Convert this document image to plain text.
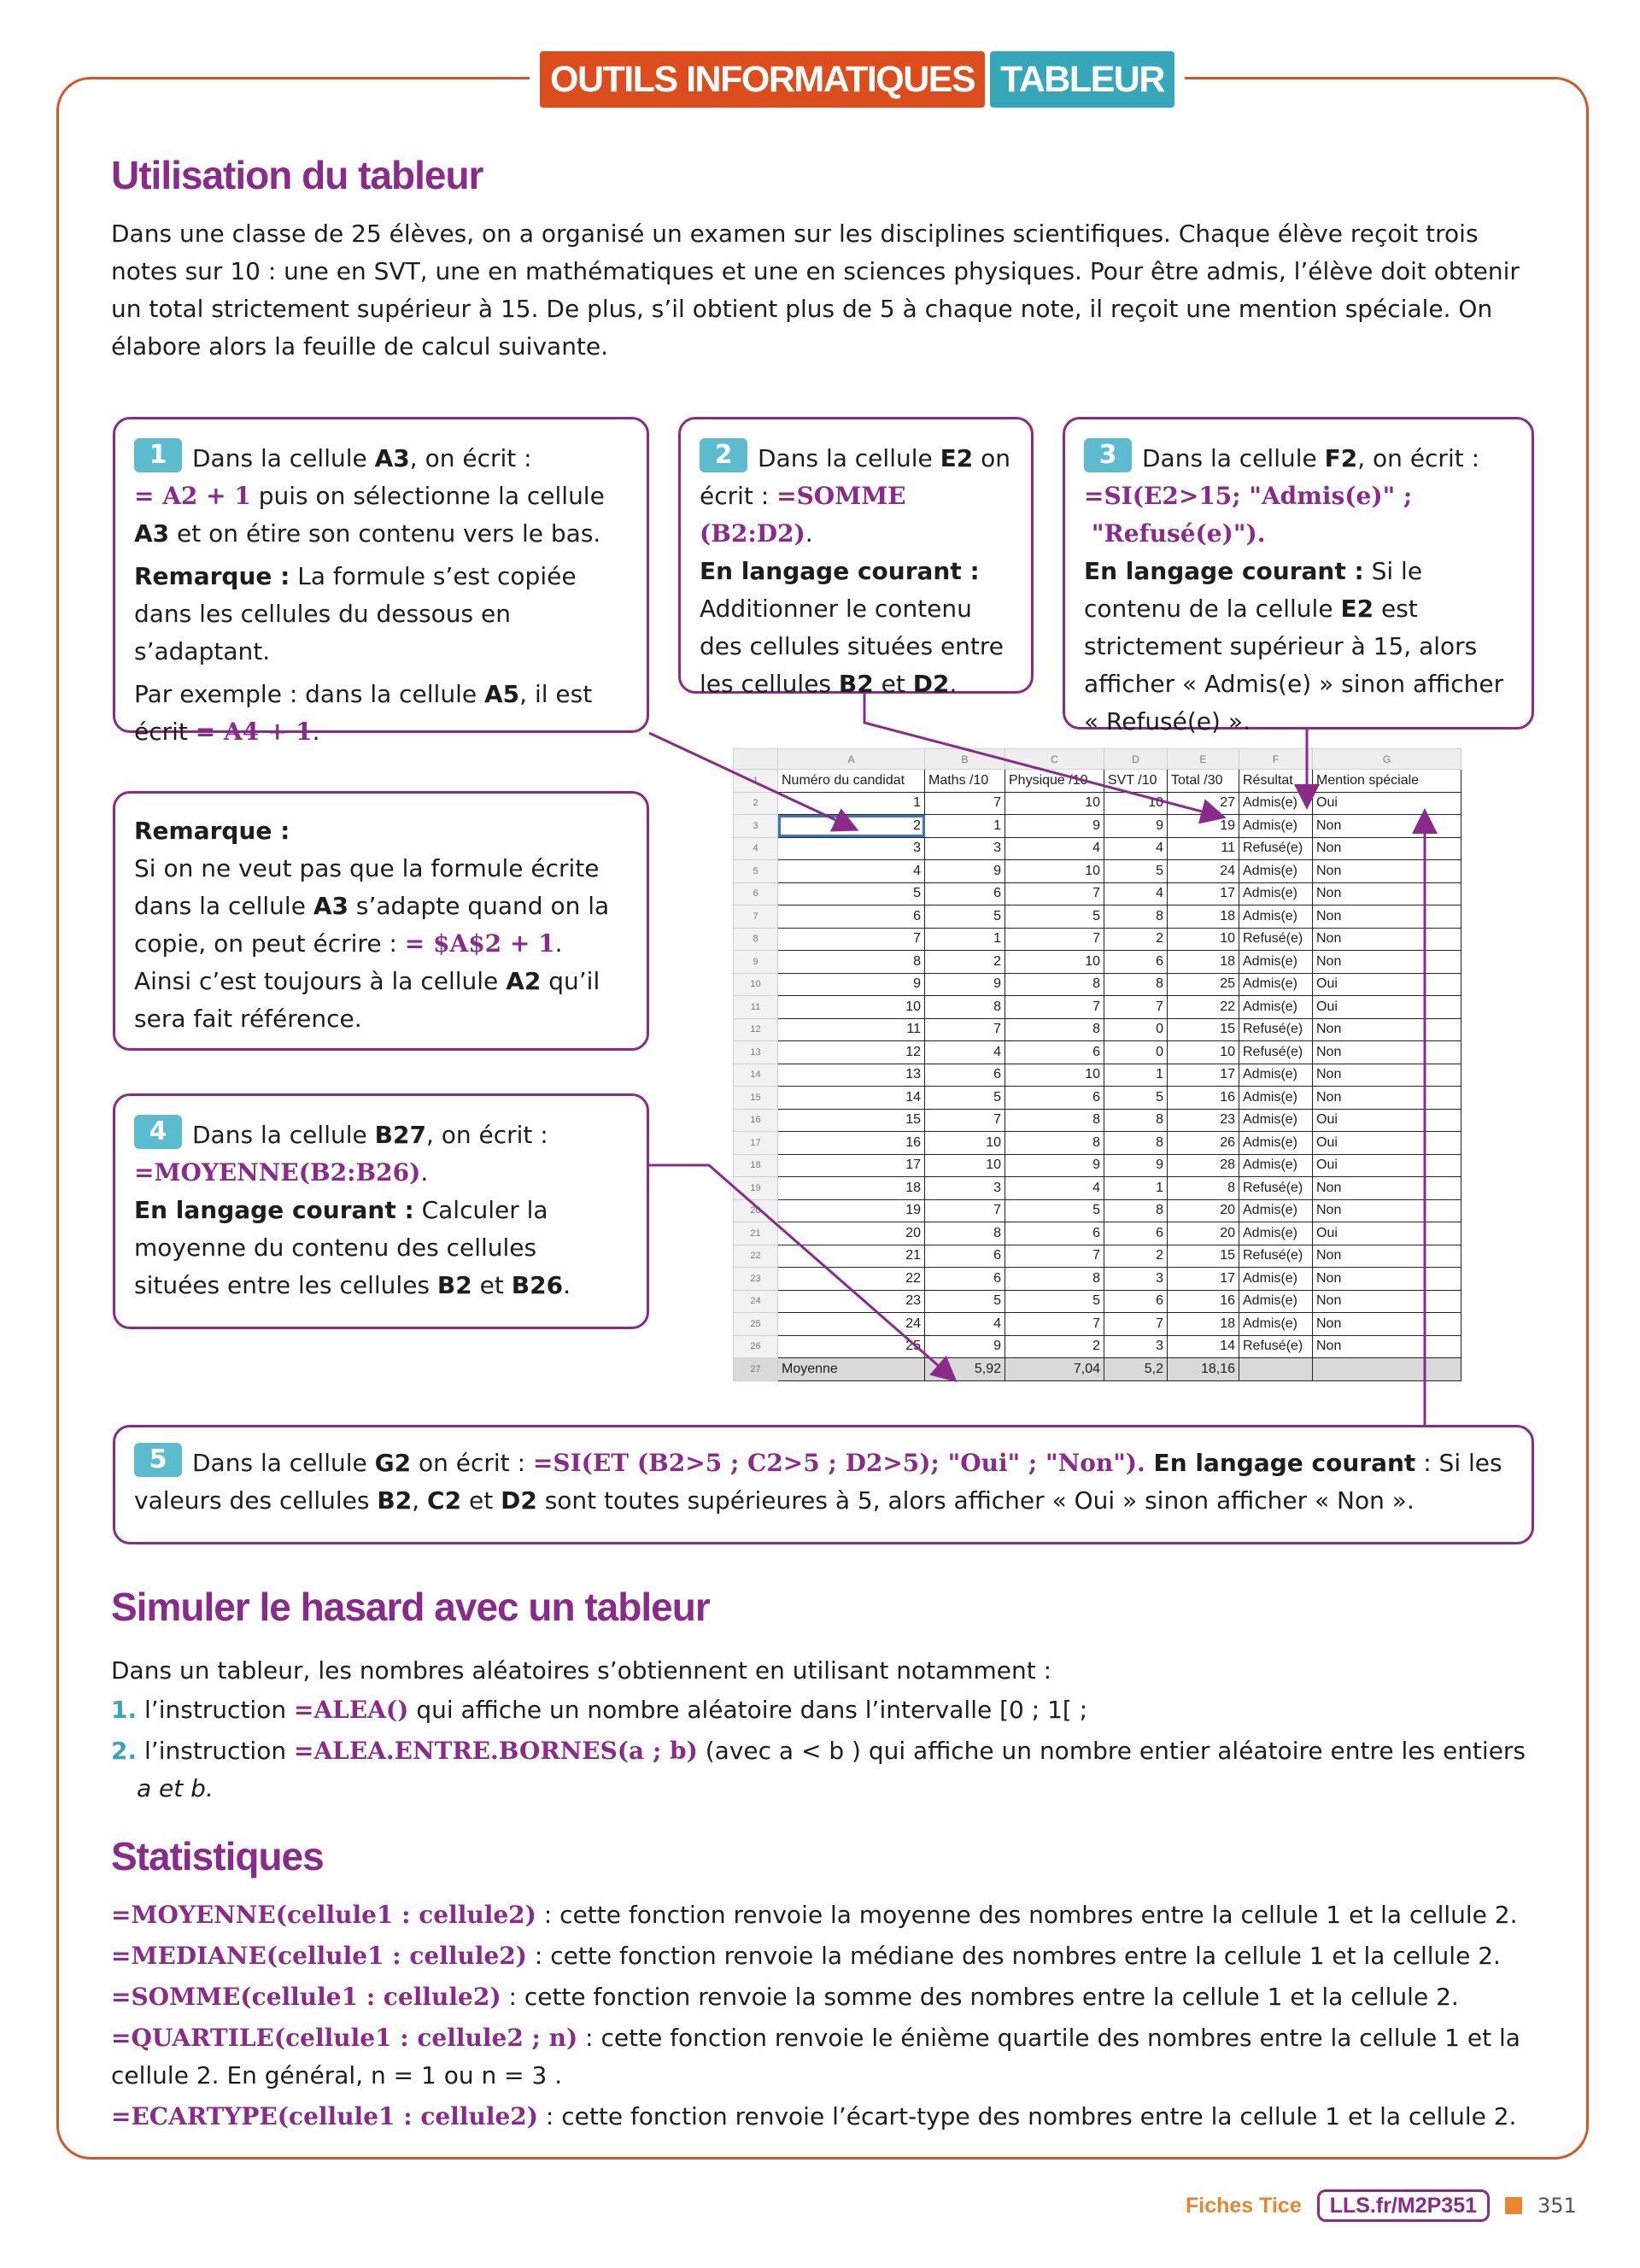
OUTILS INFORMATIQUES TABLEUR
Utilisation du tableur
Dans une classe de 25 élèves, on a organisé un examen sur les disciplines scientifiques. Chaque élève reçoit trois notes sur 10 : une en SVT, une en mathématiques et une en sciences physiques. Pour être admis, l’élève doit obtenir un total strictement supérieur à 15. De plus, s’il obtient plus de 5 à chaque note, il reçoit une mention spéciale. On élabore alors la feuille de calcul suivante.

1 Dans la cellule A3, on écrit :
= A2 + 1 puis on sélectionne la cellule A3 et on étire son contenu vers le bas.

Remarque : La formule s’est copiée dans les cellules du dessous en s’adaptant.

Par exemple : dans la cellule A5, il est écrit = A4 + 1.

2 Dans la cellule E2 on écrit : =SOMME (B2:D2).

En langage courant :

Additionner le contenu des cellules situées entre les cellules B2 et D2.

3 Dans la cellule F2, on écrit :
=SI(E2>15; "Admis(e)" ;
"Refusé(e)").

En langage courant : Si le contenu de la cellule E2 est strictement supérieur à 15, alors afficher « Admis(e) » sinon afficher « Refusé(e) ».

Remarque :

Si on ne veut pas que la formule écrite dans la cellule A3 s’adapte quand on la copie, on peut écrire : = $A$2 + 1.

Ainsi c’est toujours à la cellule A2 qu’il sera fait référence.

4 Dans la cellule B27, on écrit :
=MOYENNE(B2:B26).

En langage courant : Calculer la moyenne du contenu des cellules situées entre les cellules B2 et B26.

	A	B	C	D	E	F	G
1	Numéro du candidat	Maths /10	Physique /10	SVT /10	Total /30	Résultat	Mention spéciale
2	1	7	10	10	27	Admis(e)	Oui
3	2	1	9	9	19	Admis(e)	Non
4	3	3	4	4	11	Refusé(e)	Non
5	4	9	10	5	24	Admis(e)	Non
6	5	6	7	4	17	Admis(e)	Non
7	6	5	5	8	18	Admis(e)	Non
8	7	1	7	2	10	Refusé(e)	Non
9	8	2	10	6	18	Admis(e)	Non
10	9	9	8	8	25	Admis(e)	Oui
11	10	8	7	7	22	Admis(e)	Oui
12	11	7	8	0	15	Refusé(e)	Non
13	12	4	6	0	10	Refusé(e)	Non
14	13	6	10	1	17	Admis(e)	Non
15	14	5	6	5	16	Admis(e)	Non
16	15	7	8	8	23	Admis(e)	Oui
17	16	10	8	8	26	Admis(e)	Oui
18	17	10	9	9	28	Admis(e)	Oui
19	18	3	4	1	8	Refusé(e)	Non
20	19	7	5	8	20	Admis(e)	Non
21	20	8	6	6	20	Admis(e)	Oui
22	21	6	7	2	15	Refusé(e)	Non
23	22	6	8	3	17	Admis(e)	Non
24	23	5	5	6	16	Admis(e)	Non
25	24	4	7	7	18	Admis(e)	Non
26	25	9	2	3	14	Refusé(e)	Non
27	Moyenne	5,92	7,04	5,2	18,16		

5 Dans la cellule G2 on écrit : =SI(ET (B2>5 ; C2>5 ; D2>5); "Oui" ; "Non"). En langage courant : Si les valeurs des cellules B2, C2 et D2 sont toutes supérieures à 5, alors afficher « Oui » sinon afficher « Non ».

Simuler le hasard avec un tableur
Dans un tableur, les nombres aléatoires s’obtiennent en utilisant notamment :
1. l’instruction =ALEA() qui affiche un nombre aléatoire dans l’intervalle [0 ; 1[ ;
2. l’instruction =ALEA.ENTRE.BORNES(a ; b) (avec a < b ) qui affiche un nombre entier aléatoire entre les entiers
a et b.
Statistiques
=MOYENNE(cellule1 : cellule2) : cette fonction renvoie la moyenne des nombres entre la cellule 1 et la cellule 2.
=MEDIANE(cellule1 : cellule2) : cette fonction renvoie la médiane des nombres entre la cellule 1 et la cellule 2.
=SOMME(cellule1 : cellule2) : cette fonction renvoie la somme des nombres entre la cellule 1 et la cellule 2.
=QUARTILE(cellule1 : cellule2 ; n) : cette fonction renvoie le énième quartile des nombres entre la cellule 1 et la
cellule 2. En général, n = 1 ou n = 3 .
=ECARTYPE(cellule1 : cellule2) : cette fonction renvoie l’écart-type des nombres entre la cellule 1 et la cellule 2.
Fiches Tice	LLS.fr/M2P351	351
